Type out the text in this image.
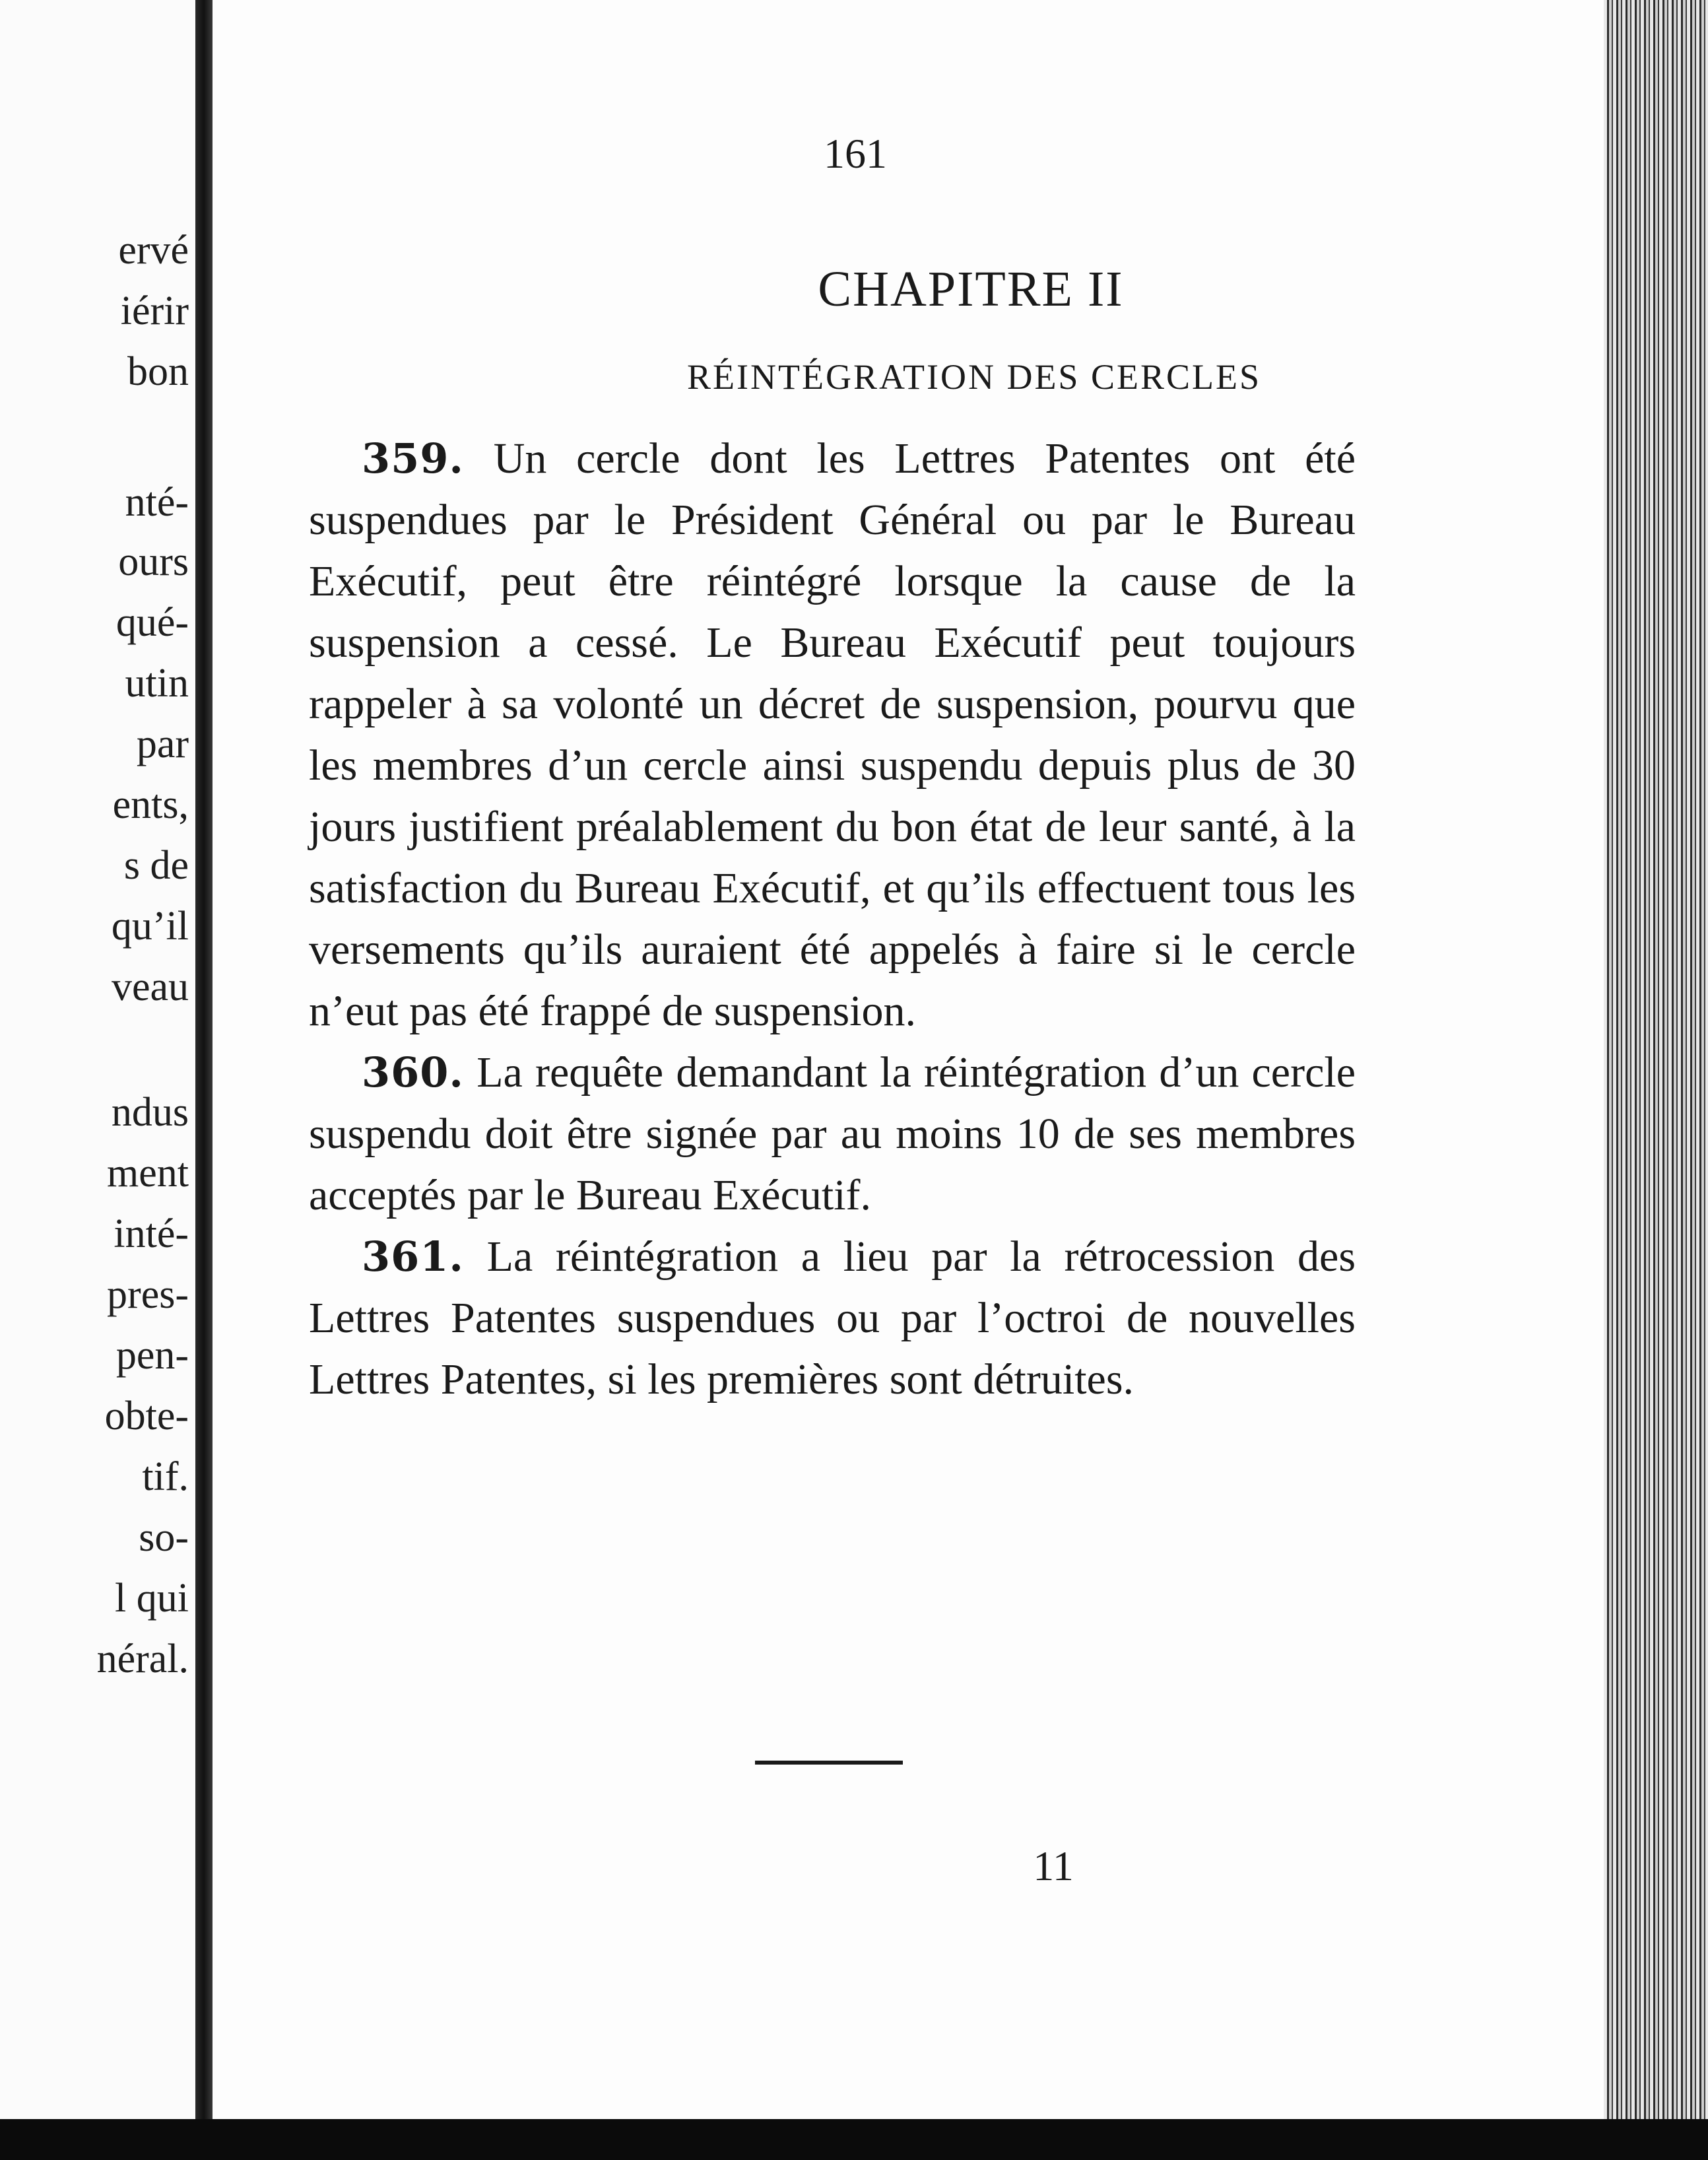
ervé
iérir
bon
nté-
ours
qué-
utin
par
ents,
s de
qu’il
veau
ndus
ment
inté-
pres-
pen-
obte-
tif.
so-
l qui
néral.
161
CHAPITRE II
RÉINTÉGRATION DES CERCLES

359. Un cercle dont les Lettres Patentes ont été suspendues par le Président Général ou par le Bureau Exécutif, peut être réintégré lorsque la cause de la suspension a cessé. Le Bureau Exécutif peut toujours rappeler à sa volonté un décret de suspension, pourvu que les membres d’un cercle ainsi suspendu depuis plus de 30 jours justifient préalablement du bon état de leur santé, à la satisfaction du Bureau Exécutif, et qu’ils effectuent tous les versements qu’ils auraient été appelés à faire si le cercle n’eut pas été frappé de suspension.

360. La requête demandant la réintégration d’un cercle suspendu doit être signée par au moins 10 de ses membres acceptés par le Bureau Exécutif.

361. La réintégration a lieu par la rétrocession des Lettres Patentes suspendues ou par l’octroi de nouvelles Lettres Patentes, si les premières sont détruites.

11
